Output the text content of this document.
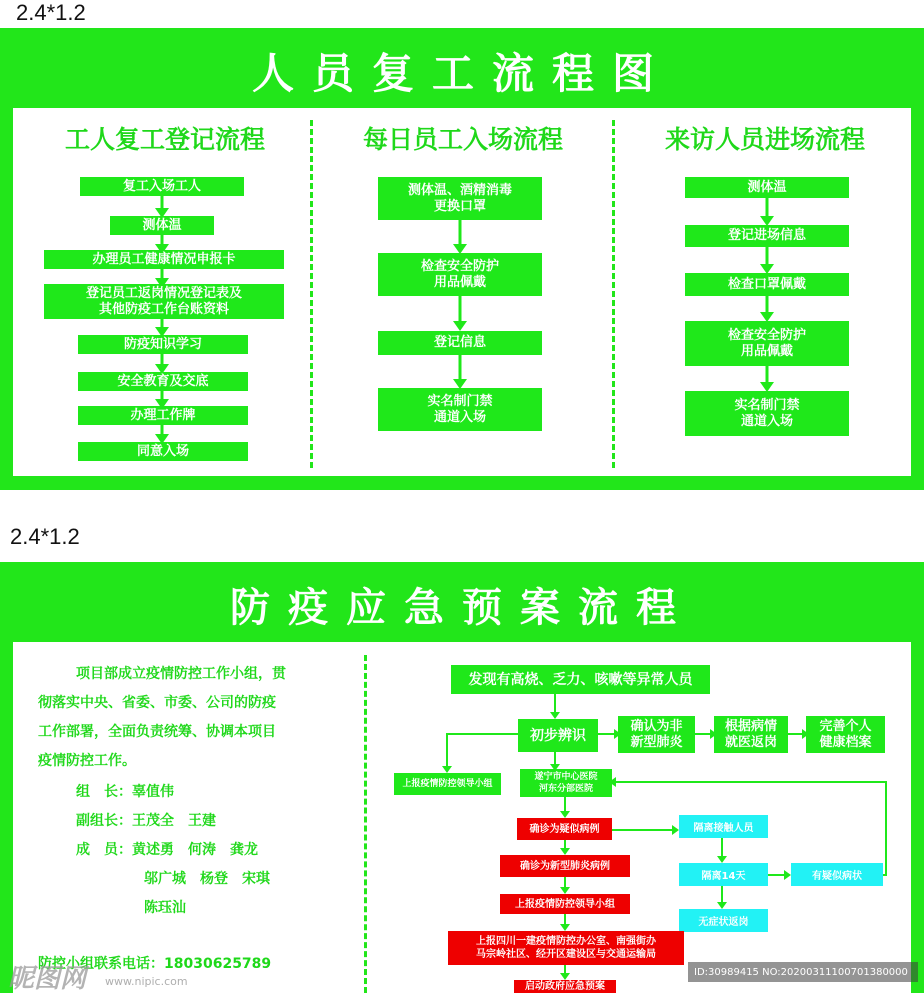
2.4*1.2
人员复工流程图
工人复工登记流程	每日员工入场流程	来访人员进场流程
复工入场工人
测体温
办理员工健康情况申报卡
登记员工返岗情况登记表及
其他防疫工作台账资料
防疫知识学习
安全教育及交底
办理工作牌
同意入场
测体温、酒精消毒
更换口罩
检查安全防护
用品佩戴
登记信息
实名制门禁
通道入场
测体温
登记进场信息
检查口罩佩戴
检查安全防护
用品佩戴
实名制门禁
通道入场
2.4*1.2
防疫应急预案流程
项目部成立疫情防控工作小组，贯
彻落实中央、省委、市委、公司的防疫
工作部署，全面负责统筹、协调本项目
疫情防控工作。
组　长：辜值伟
副组长：王茂全　王建
成　员：黄述勇　何涛　龚龙
邬广城　杨登　宋琪
陈珏汕
防控小组联系电话：18030625789
发现有高烧、乏力、咳嗽等异常人员
初步辨识
确认为非
新型肺炎
根据病情
就医返岗
完善个人
健康档案
上报疫情防控领导小组
遂宁市中心医院
河东分部医院
确诊为疑似病例	隔离接触人员
隔离14天	有疑似病状
无症状返岗
确诊为新型肺炎病例
上报疫情防控领导小组
上报四川一建疫情防控办公室、南强街办
马宗岭社区、经开区建设区与交通运输局
启动政府应急预案
昵图网 www.nipic.com
ID:30989415 NO:20200311100701380000
